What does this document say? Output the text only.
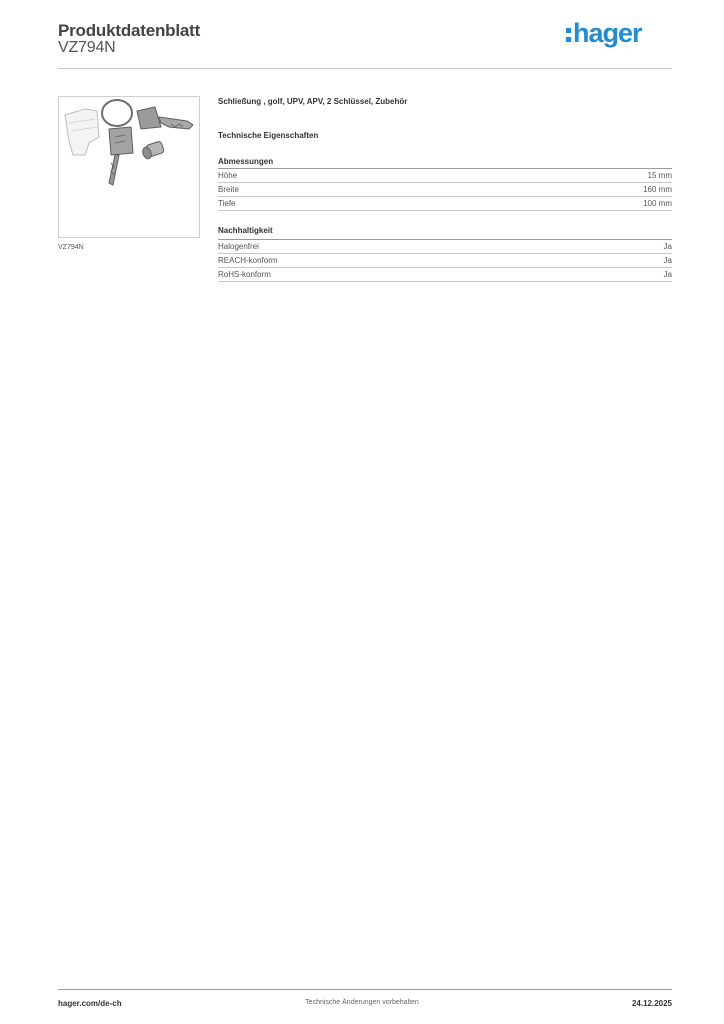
Produktdatenblatt
VZ794N	hager
VZ794N
Schließung , golf, UPV, APV, 2 Schlüssel, Zubehör
Technische Eigenschaften
Abmessungen
Höhe	15 mm
Breite	160 mm
Tiefe	100 mm
Nachhaltigkeit
Halogenfrei	Ja
REACH-konform	Ja
RoHS-konform	Ja
hager.com/de-ch	Technische Änderungen vorbehalten	24.12.2025
